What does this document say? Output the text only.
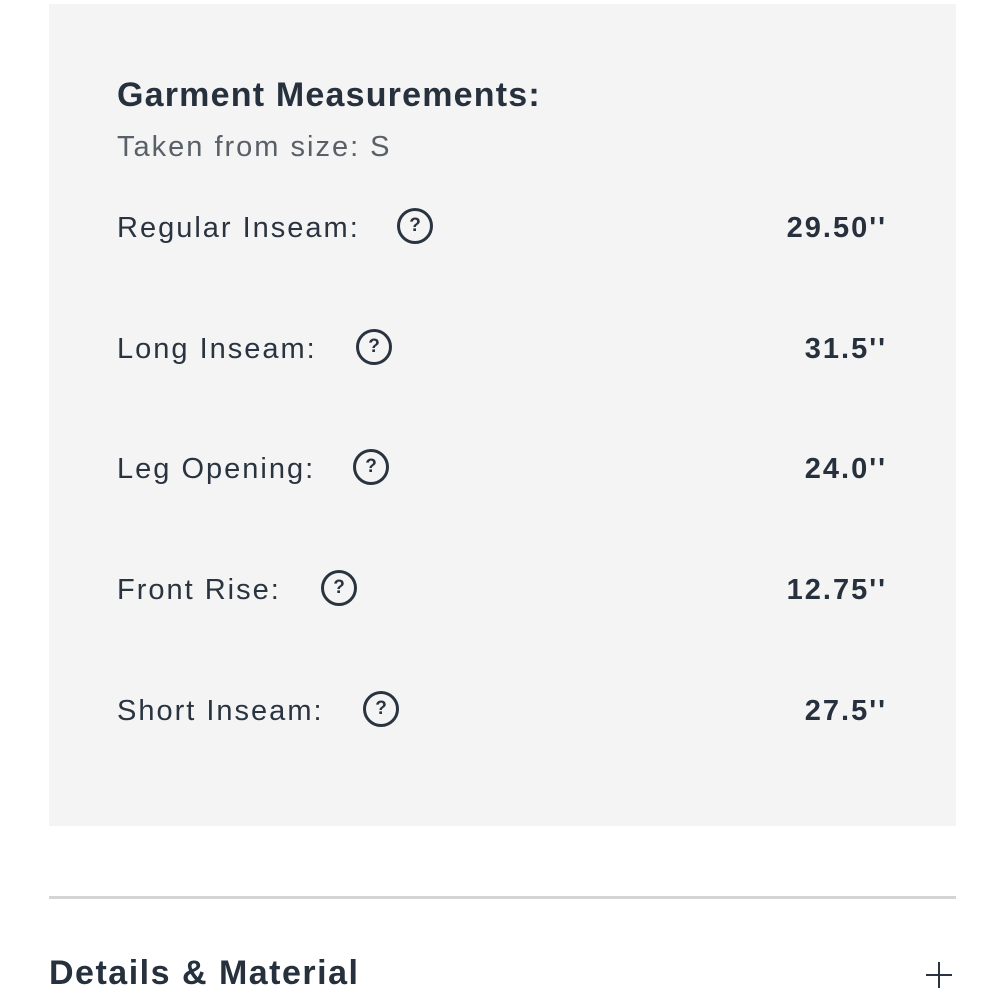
Garment Measurements:
Taken from size: S
Regular Inseam:	?	29.50''
Long Inseam:	?	31.5''
Leg Opening:	?	24.0''
Front Rise:	?	12.75''
Short Inseam:	?	27.5''
Details & Material
